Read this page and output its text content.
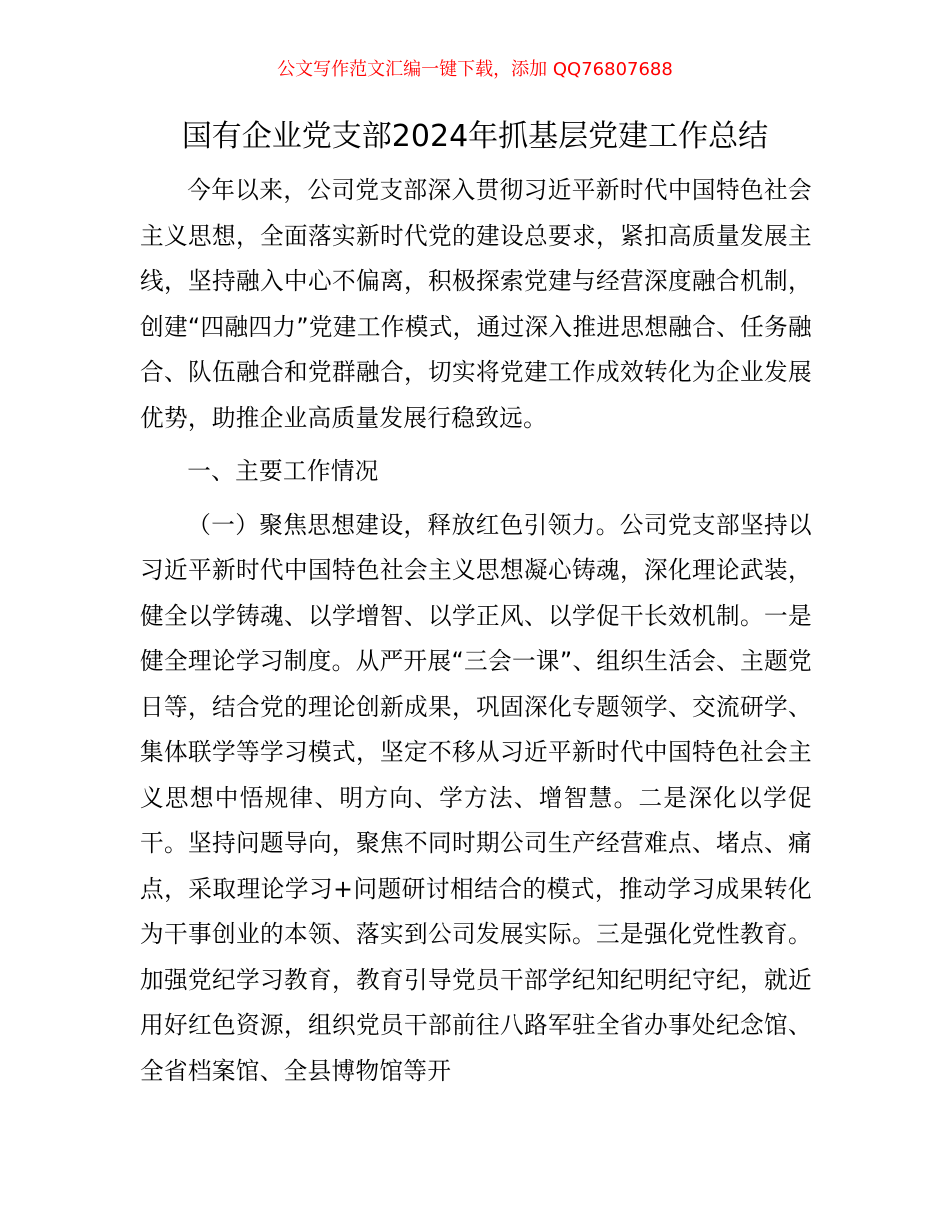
公文写作范文汇编一键下载，添加 QQ76807688
国有企业党支部2024年抓基层党建工作总结

今年以来，公司党支部深入贯彻习近平新时代中国特色社会主义思想，全面落实新时代党的建设总要求，紧扣高质量发展主线，坚持融入中心不偏离，积极探索党建与经营深度融合机制，创建“四融四力”党建工作模式，通过深入推进思想融合、任务融合、队伍融合和党群融合，切实将党建工作成效转化为企业发展优势，助推企业高质量发展行稳致远。

一、主要工作情况

（一）聚焦思想建设，释放红色引领力。公司党支部坚持以习近平新时代中国特色社会主义思想凝心铸魂，深化理论武装，健全以学铸魂、以学增智、以学正风、以学促干长效机制。一是健全理论学习制度。从严开展“三会一课”、组织生活会、主题党日等，结合党的理论创新成果，巩固深化专题领学、交流研学、集体联学等学习模式，坚定不移从习近平新时代中国特色社会主义思想中悟规律、明方向、学方法、增智慧。二是深化以学促干。坚持问题导向，聚焦不同时期公司生产经营难点、堵点、痛点，采取理论学习+问题研讨相结合的模式，推动学习成果转化为干事创业的本领、落实到公司发展实际。三是强化党性教育。加强党纪学习教育，教育引导党员干部学纪知纪明纪守纪，就近用好红色资源，组织党员干部前往八路军驻全省办事处纪念馆、全省档案馆、全县博物馆等开
